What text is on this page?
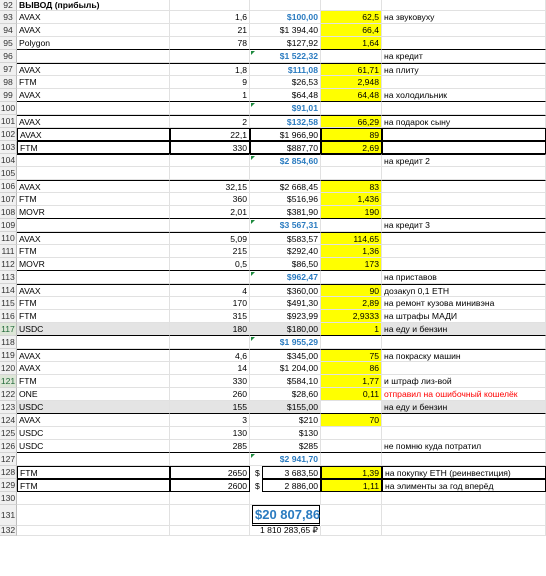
92 ВЫВОД (прибыль)
93 AVAX	1,6	$100,00	62,5 на звуковуху
94 AVAX	21	$1 394,40	66,4
95 Polygon	78	$127,92	1,64
96	$1 522,32	на кредит
97 AVAX	1,8	$111,08	61,71 на плиту
98 FTM	9	$26,53	2,948
99 AVAX	1	$64,48	64,48 на холодильник
100	$91,01
101 AVAX	2	$132,58	66,29 на подарок сыну
102 AVAX	22,1	$1 966,90	89
103 FTM	330	$887,70	2,69
104	$2 854,60	на кредит 2
105
106 AVAX	32,15	$2 668,45	83
107 FTM	360	$516,96	1,436
108 MOVR	2,01	$381,90	190
109	$3 567,31	на кредит 3
110 AVAX	5,09	$583,57	114,65
111 FTM	215	$292,40	1,36
112 MOVR	0,5	$86,50	173
113	$962,47	на приставов
114 AVAX	4	$360,00	90 дозакуп 0,1 ETH
115 FTM	170	$491,30	2,89 на ремонт кузова минивэна
116 FTM	315	$923,99	2,9333 на штрафы МАДИ
117 USDC	180	$180,00	1 на еду и бензин
118	$1 955,29
119 AVAX	4,6	$345,00	75 на покраску машин
120 AVAX	14	$1 204,00	86
121 FTM	330	$584,10	1,77 и штраф лиз-вой
122 ONE	260	$28,60	0,11 отправил на ошибочный кошелёк
123 USDC	155	$155,00	на еду и бензин
124 AVAX	3	$210	70
125 USDC	130	$130
126 USDC	285	$285	не помню куда потратил
127	$2 941,70
128 FTM	2650 $	3 683,50	1,39 на покупку ETH (реинвестиция)
129 FTM	2600 $	2 886,00	1,11 на элименты за год вперёд
130
131	$20 807,86
132	1 810 283,65 ₽
